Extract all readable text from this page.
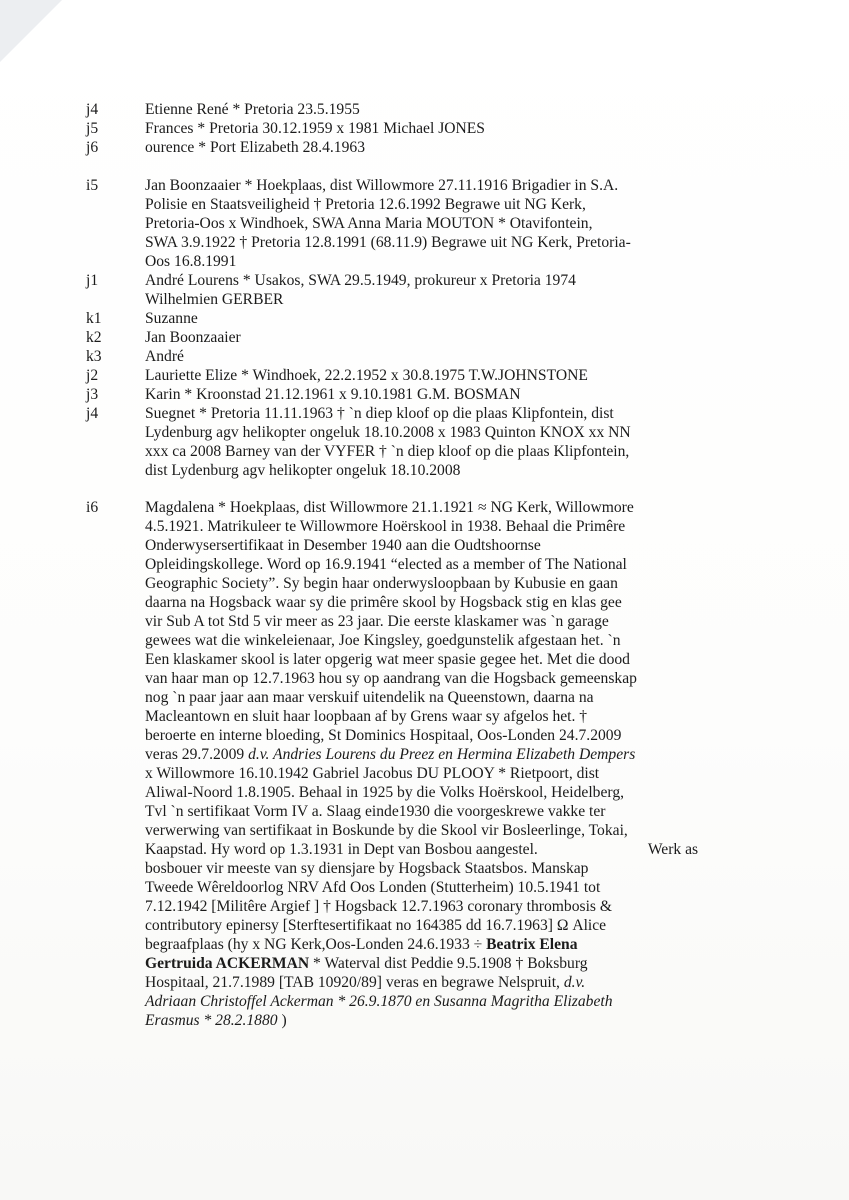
j4	Etienne René * Pretoria 23.5.1955
j5	Frances * Pretoria 30.12.1959 x 1981 Michael JONES
j6	ourence * Port Elizabeth 28.4.1963
i5	Jan Boonzaaier * Hoekplaas, dist Willowmore 27.11.1916 Brigadier in S.A.
Polisie en Staatsveiligheid † Pretoria 12.6.1992 Begrawe uit NG Kerk,
Pretoria-Oos x Windhoek, SWA Anna Maria MOUTON * Otavifontein,
SWA 3.9.1922 † Pretoria 12.8.1991 (68.11.9) Begrawe uit NG Kerk, Pretoria-
Oos 16.8.1991
j1	André Lourens * Usakos, SWA 29.5.1949, prokureur x Pretoria 1974
Wilhelmien GERBER
k1	Suzanne
k2	Jan Boonzaaier
k3	André
j2	Lauriette Elize * Windhoek, 22.2.1952 x 30.8.1975 T.W.JOHNSTONE
j3	Karin * Kroonstad 21.12.1961 x 9.10.1981 G.M. BOSMAN
j4	Suegnet * Pretoria 11.11.1963 † `n diep kloof op die plaas Klipfontein, dist
Lydenburg agv helikopter ongeluk 18.10.2008 x 1983 Quinton KNOX xx NN
xxx ca 2008 Barney van der VYFER † `n diep kloof op die plaas Klipfontein,
dist Lydenburg agv helikopter ongeluk 18.10.2008
i6	Magdalena * Hoekplaas, dist Willowmore 21.1.1921 ≈ NG Kerk, Willowmore
4.5.1921. Matrikuleer te Willowmore Hoërskool in 1938. Behaal die Primêre
Onderwysersertifikaat in Desember 1940 aan die Oudtshoornse
Opleidingskollege. Word op 16.9.1941 “elected as a member of The National
Geographic Society”. Sy begin haar onderwysloopbaan by Kubusie en gaan
daarna na Hogsback waar sy die primêre skool by Hogsback stig en klas gee
vir Sub A tot Std 5 vir meer as 23 jaar. Die eerste klaskamer was `n garage
gewees wat die winkeleienaar, Joe Kingsley, goedgunstelik afgestaan het. `n
Een klaskamer skool is later opgerig wat meer spasie gegee het. Met die dood
van haar man op 12.7.1963 hou sy op aandrang van die Hogsback gemeenskap
nog `n paar jaar aan maar verskuif uitendelik na Queenstown, daarna na
Macleantown en sluit haar loopbaan af by Grens waar sy afgelos het. †
beroerte en interne bloeding, St Dominics Hospitaal, Oos-Londen 24.7.2009
veras 29.7.2009 d.v. Andries Lourens du Preez en Hermina Elizabeth Dempers
x Willowmore 16.10.1942 Gabriel Jacobus DU PLOOY * Rietpoort, dist
Aliwal-Noord 1.8.1905. Behaal in 1925 by die Volks Hoërskool, Heidelberg,
Tvl `n sertifikaat Vorm IV a. Slaag einde1930 die voorgeskrewe vakke ter
verwerwing van sertifikaat in Boskunde by die Skool vir Bosleerlinge, Tokai,
Kaapstad. Hy word op 1.3.1931 in Dept van Bosbou aangestel.	Werk as
bosbouer vir meeste van sy diensjare by Hogsback Staatsbos. Manskap
Tweede Wêreldoorlog NRV Afd Oos Londen (Stutterheim) 10.5.1941 tot
7.12.1942 [Militêre Argief ] † Hogsback 12.7.1963 coronary thrombosis &
contributory epinersy [Sterftesertifikaat no 164385 dd 16.7.1963] Ω Alice
begraafplaas (hy x NG Kerk,Oos-Londen 24.6.1933 ÷ Beatrix Elena
Gertruida ACKERMAN * Waterval dist Peddie 9.5.1908 † Boksburg
Hospitaal, 21.7.1989 [TAB 10920/89] veras en begrawe Nelspruit, d.v.
Adriaan Christoffel Ackerman * 26.9.1870 en Susanna Magritha Elizabeth
Erasmus * 28.2.1880 )
